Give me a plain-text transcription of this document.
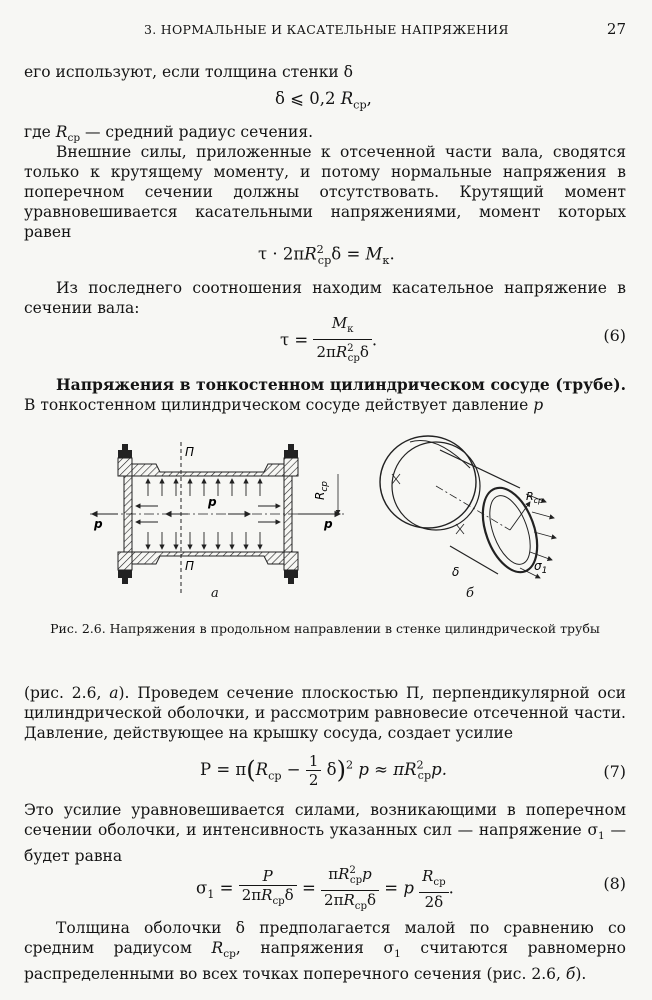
3. НОРМАЛЬНЫЕ И КАСАТЕЛЬНЫЕ НАПРЯЖЕНИЯ	27

его используют, если толщина стенки δ

δ ⩽ 0,2 $R_{ср}$,

где $R_{ср}$ — средний радиус сечения.

Внешние силы, приложенные к отсеченной части вала, сводятся только к крутящему моменту, и потому нормальные напряжения в поперечном сечении должны отсутствовать. Крутящий момент уравновешивается касательными напряжениями, момент которых равен

$\tau \cdot 2\pi R^2_{ср}\delta = M_к$.

Из последнего соотношения находим касательное напряжение в сечении вала:

$\tau = \frac{M_к}{2\pi R^2_{ср}\delta}$ .	(6)

Напряжения в тонкостенном цилиндрическом сосуде (трубе). В тонкостенном цилиндрическом сосуде действует давление p

П
П
p
p	p
$R_{ср}$
$R_{ср}$
δ	$\sigma_1$
а	б
Рис. 2.6. Напряжения в продольном направлении в стенке цилиндрической трубы

(рис. 2.6, а). Проведем сечение плоскостью П, перпендикулярной оси цилиндрической оболочки, и рассмотрим равновесие отсеченной части. Давление, действующее на крышку сосуда, создает усилие

$P = \pi(R_{ср} - \frac{1}{2} \delta)^2$ $p \approx \pi R^2_{ср}p$.	(7)

Это усилие уравновешивается силами, возникающими в поперечном сечении оболочки, и интенсивность указанных сил — напряжение $\sigma_1$ — будет равна

$\sigma_1 = \frac{P}{2\pi R_{ср}\delta} = \frac{\pi R^2_{ср}p}{2\pi R_{ср}\delta} = p \frac{R_{ср}}{2\delta}$ .	(8)

Толщина оболочки δ предполагается малой по сравнению со средним радиусом $R_{ср}$, напряжения $\sigma_1$ считаются равномерно распределенными во всех точках поперечного сечения (рис. 2.6, б).
